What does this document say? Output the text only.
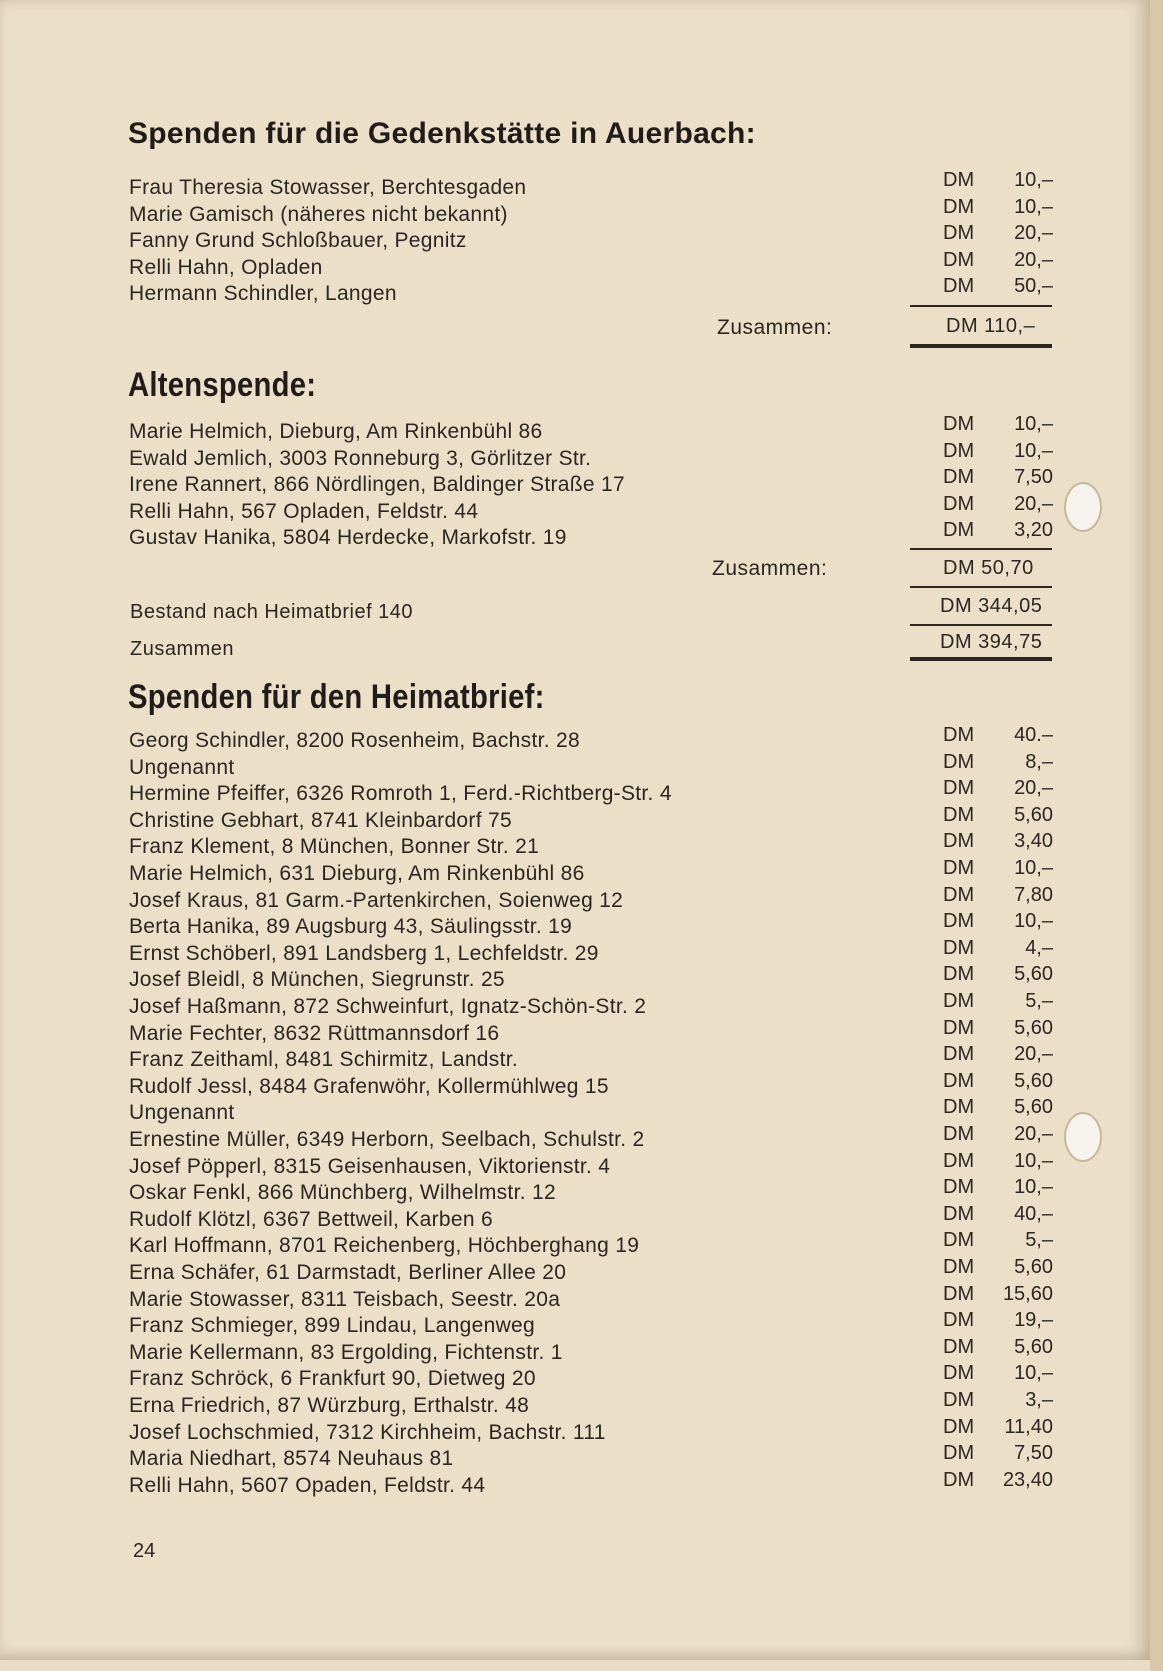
Spenden für die Gedenkstätte in Auerbach:
Frau Theresia Stowasser, Berchtesgaden	DM 10,–
Marie Gamisch (näheres nicht bekannt)	DM 10,–
Fanny Grund Schloßbauer, Pegnitz	DM 20,–
Relli Hahn, Opladen	DM 20,–
Hermann Schindler, Langen	DM 50,–
Zusammen:	DM 110,–
Altenspende:
Marie Helmich, Dieburg, Am Rinkenbühl 86	DM 10,–
Ewald Jemlich, 3003 Ronneburg 3, Görlitzer Str.	DM 10,–
Irene Rannert, 866 Nördlingen, Baldinger Straße 17	DM 7,50
Relli Hahn, 567 Opladen, Feldstr. 44	DM 20,–
Gustav Hanika, 5804 Herdecke, Markofstr. 19	DM 3,20
Zusammen:	DM 50,70
Bestand nach Heimatbrief 140	DM 344,05
Zusammen	DM 394,75
Spenden für den Heimatbrief:
Georg Schindler, 8200 Rosenheim, Bachstr. 28	DM 40.–
Ungenannt	DM	8,–
Hermine Pfeiffer, 6326 Romroth 1, Ferd.-Richtberg-Str. 4	DM 20,–
Christine Gebhart, 8741 Kleinbardorf 75	DM 5,60
Franz Klement, 8 München, Bonner Str. 21	DM 3,40
Marie Helmich, 631 Dieburg, Am Rinkenbühl 86	DM 10,–
Josef Kraus, 81 Garm.-Partenkirchen, Soienweg 12	DM 7,80
Berta Hanika, 89 Augsburg 43, Säulingsstr. 19	DM 10,–
Ernst Schöberl, 891 Landsberg 1, Lechfeldstr. 29	DM	4,–
Josef Bleidl, 8 München, Siegrunstr. 25	DM 5,60
Josef Haßmann, 872 Schweinfurt, Ignatz-Schön-Str. 2	DM	5,–
Marie Fechter, 8632 Rüttmannsdorf 16	DM 5,60
Franz Zeithaml, 8481 Schirmitz, Landstr.	DM 20,–
Rudolf Jessl, 8484 Grafenwöhr, Kollermühlweg 15	DM 5,60
Ungenannt	DM 5,60
Ernestine Müller, 6349 Herborn, Seelbach, Schulstr. 2	DM 20,–
Josef Pöpperl, 8315 Geisenhausen, Viktorienstr. 4	DM 10,–
Oskar Fenkl, 866 Münchberg, Wilhelmstr. 12	DM 10,–
Rudolf Klötzl, 6367 Bettweil, Karben 6	DM 40,–
Karl Hoffmann, 8701 Reichenberg, Höchberghang 19	DM	5,–
Erna Schäfer, 61 Darmstadt, Berliner Allee 20	DM 5,60
Marie Stowasser, 8311 Teisbach, Seestr. 20a	DM 15,60
Franz Schmieger, 899 Lindau, Langenweg	DM 19,–
Marie Kellermann, 83 Ergolding, Fichtenstr. 1	DM 5,60
Franz Schröck, 6 Frankfurt 90, Dietweg 20	DM 10,–
Erna Friedrich, 87 Würzburg, Erthalstr. 48	DM	3,–
Josef Lochschmied, 7312 Kirchheim, Bachstr. 111	DM 11,40
Maria Niedhart, 8574 Neuhaus 81	DM 7,50
Relli Hahn, 5607 Opaden, Feldstr. 44	DM 23,40
24
